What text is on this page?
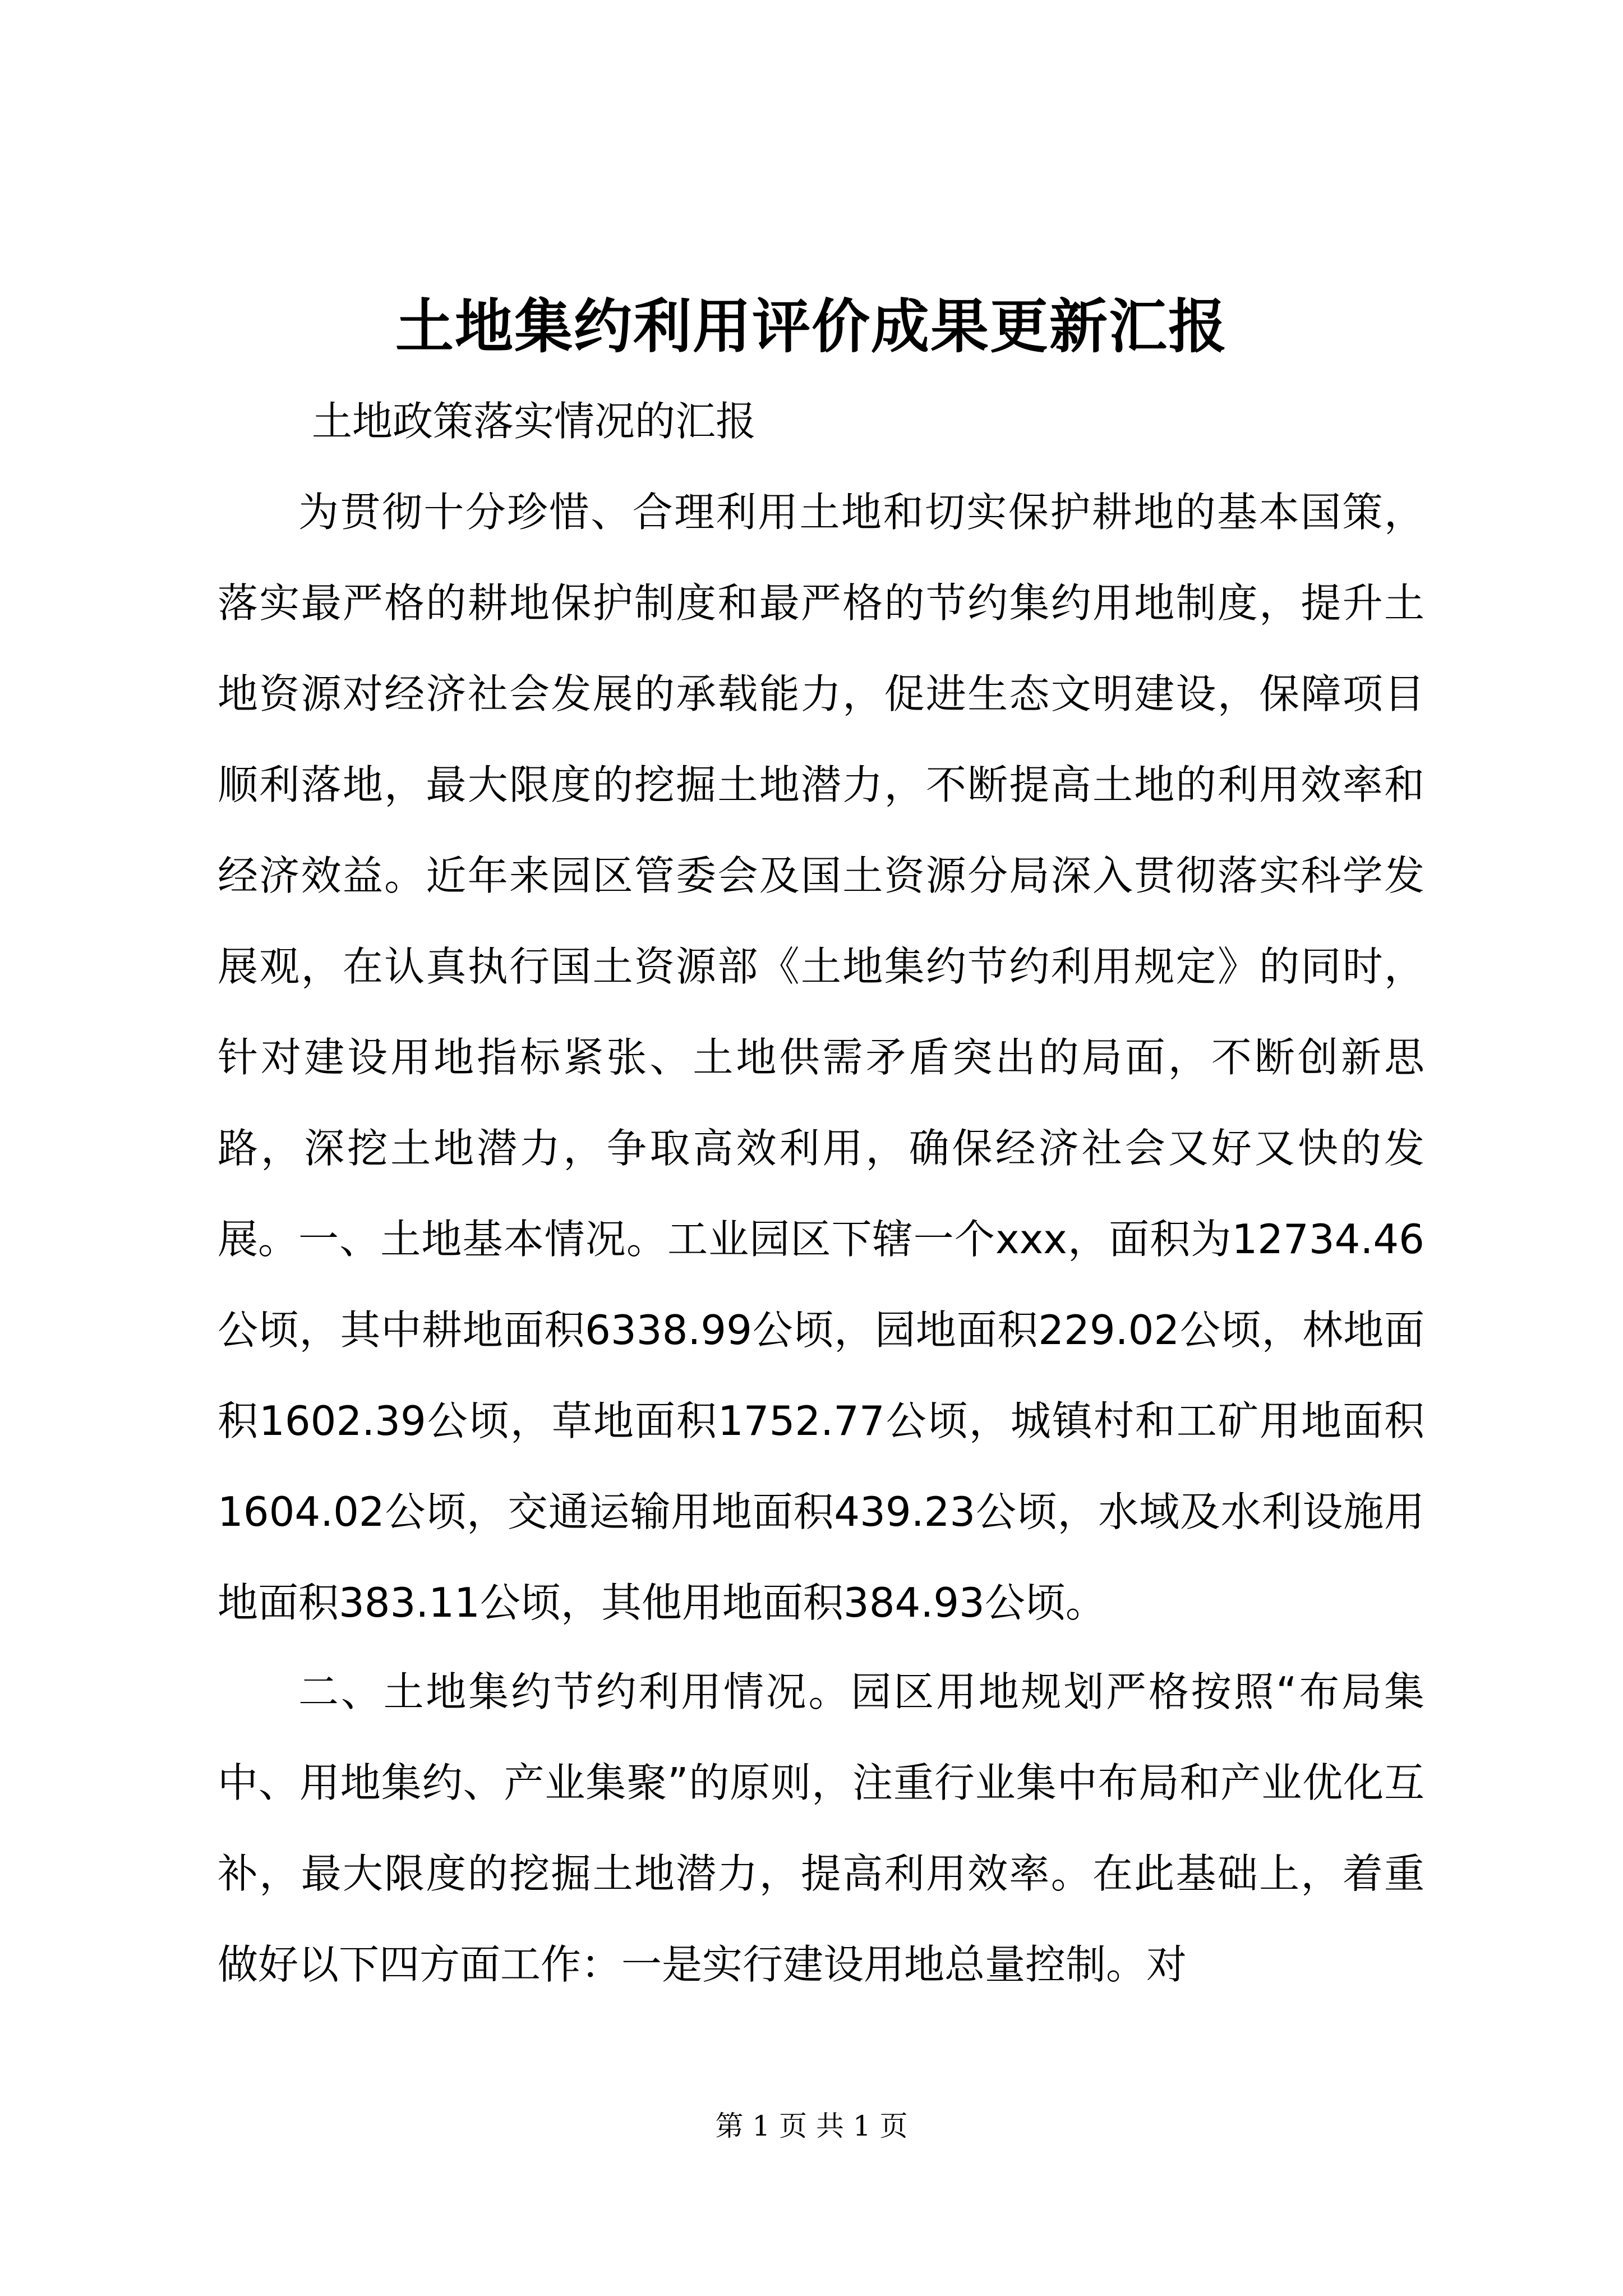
土地集约利用评价成果更新汇报
土地政策落实情况的汇报
为贯彻十分珍惜、合理利用土地和切实保护耕地的基本国策，落实最严格的耕地保护制度和最严格的节约集约用地制度，提升土地资源对经济社会发展的承载能力，促进生态文明建设，保障项目顺利落地，最大限度的挖掘土地潜力，不断提高土地的利用效率和经济效益。近年来园区管委会及国土资源分局深入贯彻落实科学发展观，在认真执行国土资源部《土地集约节约利用规定》的同时，针对建设用地指标紧张、土地供需矛盾突出的局面，不断创新思路，深挖土地潜力，争取高效利用，确保经济社会又好又快的发展。 一、土地基本情况。工业园区下辖一个xxx，面积为12734.46公顷，其中耕地面积6338.99公顷，园地面积229.02公顷，林地面积1602.39公顷，草地面积1752.77公顷，城镇村和工矿用地面积1604.02公顷，交通运输用地面积439.23公顷，水域及水利设施用地面积383.11公顷，其他用地面积384.93公顷。
二、土地集约节约利用情况。园区用地规划严格按照“布局集中、用地集约、产业集聚”的原则，注重行业集中布局和产业优化互补，最大限度的挖掘土地潜力，提高利用效率。在此基础上，着重做好以下四方面工作：一是实行建设用地总量控制。对
第 1 页 共 1 页
